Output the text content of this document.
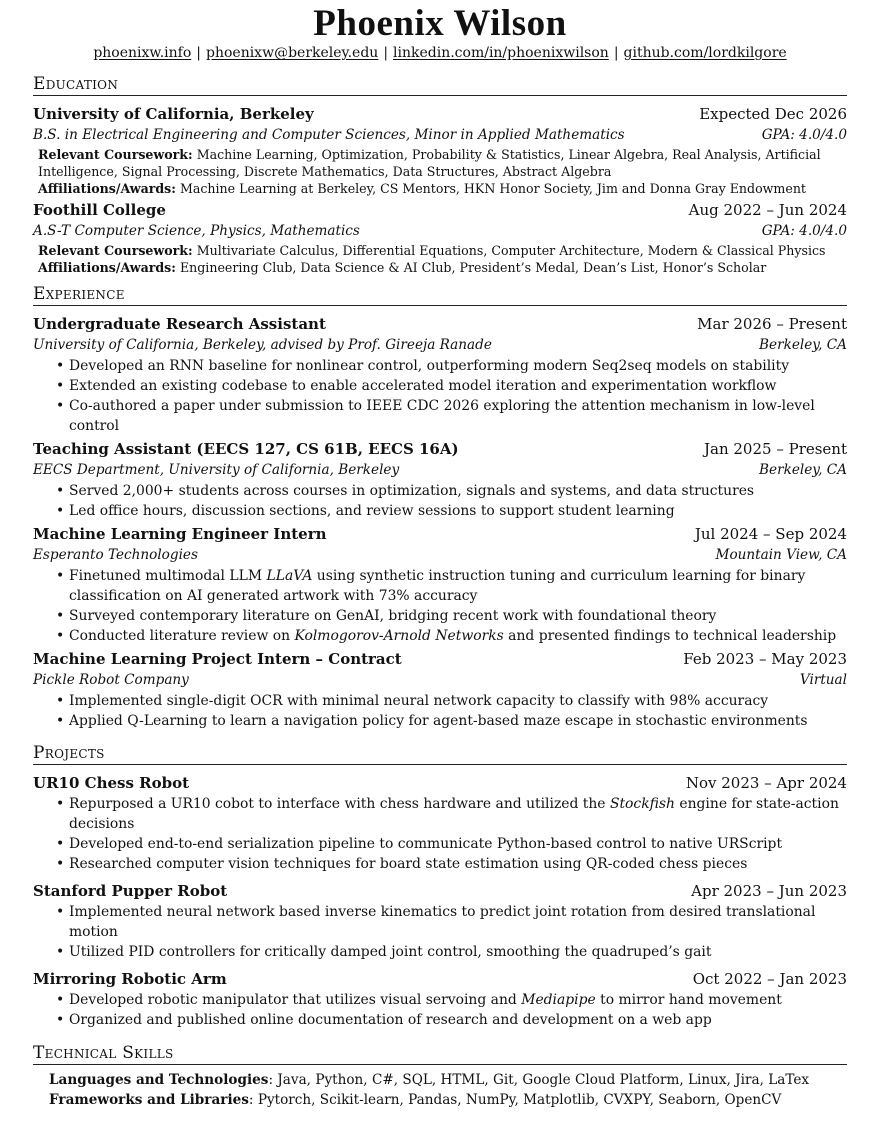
Phoenix Wilson
phoenixw.info | phoenixw@berkeley.edu | linkedin.com/in/phoenixwilson | github.com/lordkilgore
Education
University of California, Berkeley	Expected Dec 2026
B.S. in Electrical Engineering and Computer Sciences, Minor in Applied Mathematics	GPA: 4.0/4.0
Relevant Coursework: Machine Learning, Optimization, Probability & Statistics, Linear Algebra, Real Analysis, Artificial Intelligence, Signal Processing, Discrete Mathematics, Data Structures, Abstract Algebra
Affiliations/Awards: Machine Learning at Berkeley, CS Mentors, HKN Honor Society, Jim and Donna Gray Endowment
Foothill College	Aug 2022 – Jun 2024
A.S-T Computer Science, Physics, Mathematics	GPA: 4.0/4.0
Relevant Coursework: Multivariate Calculus, Differential Equations, Computer Architecture, Modern & Classical Physics
Affiliations/Awards: Engineering Club, Data Science & AI Club, President’s Medal, Dean’s List, Honor’s Scholar
Experience
Undergraduate Research Assistant	Mar 2026 – Present
University of California, Berkeley, advised by Prof. Gireeja Ranade	Berkeley, CA
• Developed an RNN baseline for nonlinear control, outperforming modern Seq2seq models on stability
• Extended an existing codebase to enable accelerated model iteration and experimentation workflow
• Co-authored a paper under submission to IEEE CDC 2026 exploring the attention mechanism in low-level control
Teaching Assistant (EECS 127, CS 61B, EECS 16A)	Jan 2025 – Present
EECS Department, University of California, Berkeley	Berkeley, CA
• Served 2,000+ students across courses in optimization, signals and systems, and data structures
• Led office hours, discussion sections, and review sessions to support student learning
Machine Learning Engineer Intern	Jul 2024 – Sep 2024
Esperanto Technologies	Mountain View, CA
• Finetuned multimodal LLM LLaVA using synthetic instruction tuning and curriculum learning for binary classification on AI generated artwork with 73% accuracy
• Surveyed contemporary literature on GenAI, bridging recent work with foundational theory
• Conducted literature review on Kolmogorov-Arnold Networks and presented findings to technical leadership
Machine Learning Project Intern – Contract	Feb 2023 – May 2023
Pickle Robot Company	Virtual
• Implemented single-digit OCR with minimal neural network capacity to classify with 98% accuracy
• Applied Q-Learning to learn a navigation policy for agent-based maze escape in stochastic environments
Projects
UR10 Chess Robot	Nov 2023 – Apr 2024
• Repurposed a UR10 cobot to interface with chess hardware and utilized the Stockfish engine for state-action decisions
• Developed end-to-end serialization pipeline to communicate Python-based control to native URScript
• Researched computer vision techniques for board state estimation using QR-coded chess pieces
Stanford Pupper Robot	Apr 2023 – Jun 2023
• Implemented neural network based inverse kinematics to predict joint rotation from desired translational motion
• Utilized PID controllers for critically damped joint control, smoothing the quadruped’s gait
Mirroring Robotic Arm	Oct 2022 – Jan 2023
• Developed robotic manipulator that utilizes visual servoing and Mediapipe to mirror hand movement
• Organized and published online documentation of research and development on a web app
Technical Skills
Languages and Technologies: Java, Python, C#, SQL, HTML, Git, Google Cloud Platform, Linux, Jira, LaTex
Frameworks and Libraries: Pytorch, Scikit-learn, Pandas, NumPy, Matplotlib, CVXPY, Seaborn, OpenCV
